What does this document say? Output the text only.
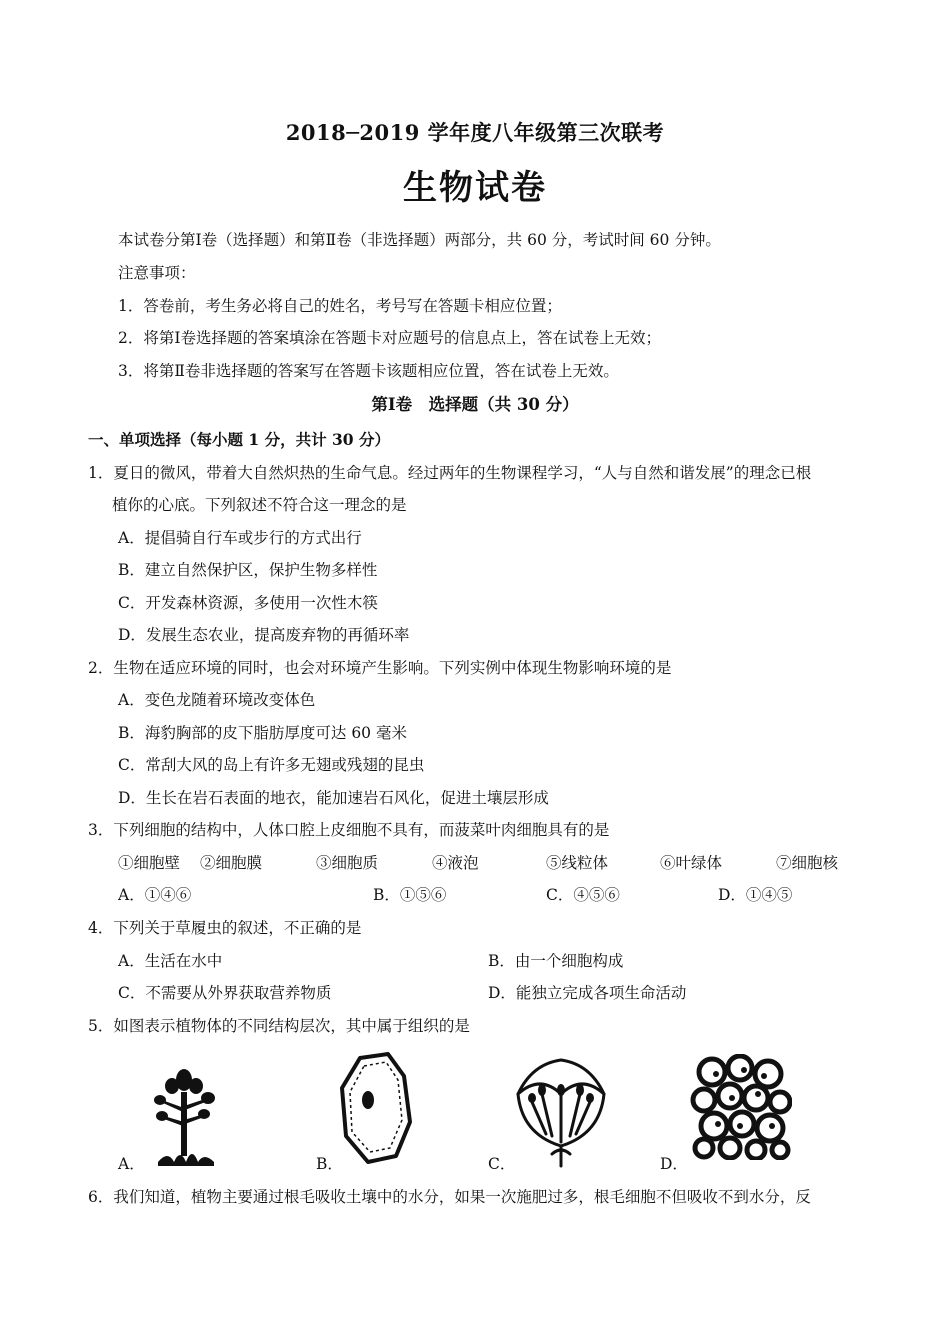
2018─2019 学年度八年级第三次联考
生物试卷
本试卷分第Ⅰ卷（选择题）和第Ⅱ卷（非选择题）两部分，共 60 分，考试时间 60 分钟。
注意事项：
1．答卷前，考生务必将自己的姓名，考号写在答题卡相应位置；
2．将第Ⅰ卷选择题的答案填涂在答题卡对应题号的信息点上，答在试卷上无效；
3．将第Ⅱ卷非选择题的答案写在答题卡该题相应位置，答在试卷上无效。
第Ⅰ卷　选择题（共 30 分）
一、单项选择（每小题 1 分，共计 30 分）
1．夏日的微风，带着大自然炽热的生命气息。经过两年的生物课程学习，“人与自然和谐发展”的理念已根
植你的心底。下列叙述不符合这一理念的是
A．提倡骑自行车或步行的方式出行
B．建立自然保护区，保护生物多样性
C．开发森林资源，多使用一次性木筷
D．发展生态农业，提高废弃物的再循环率
2．生物在适应环境的同时，也会对环境产生影响。下列实例中体现生物影响环境的是
A．变色龙随着环境改变体色
B．海豹胸部的皮下脂肪厚度可达 60 毫米
C．常刮大风的岛上有许多无翅或残翅的昆虫
D．生长在岩石表面的地衣，能加速岩石风化，促进土壤层形成
3．下列细胞的结构中，人体口腔上皮细胞不具有，而菠菜叶肉细胞具有的是
①细胞壁 ②细胞膜	③细胞质	④液泡	⑤线粒体	⑥叶绿体	⑦细胞核
A．①④⑥	B．①⑤⑥	C．④⑤⑥	D．①④⑤
4．下列关于草履虫的叙述，不正确的是
A．生活在水中	B．由一个细胞构成
C．不需要从外界获取营养物质	D．能独立完成各项生命活动
5．如图表示植物体的不同结构层次，其中属于组织的是
A．	B．	C．	D．
6．我们知道，植物主要通过根毛吸收土壤中的水分，如果一次施肥过多，根毛细胞不但吸收不到水分，反
